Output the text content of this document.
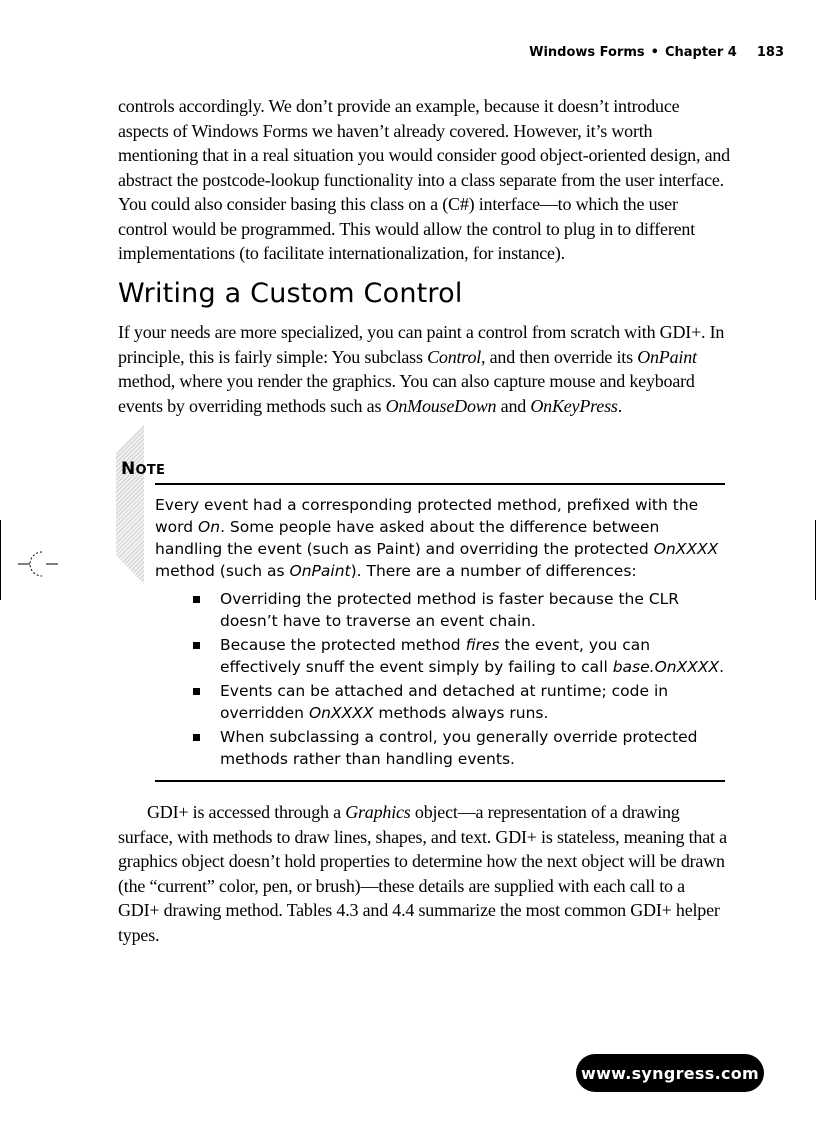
Windows Forms • Chapter 4 183

controls accordingly. We don’t provide an example, because it doesn’t introduce aspects of Windows Forms we haven’t already covered. However, it’s worth mentioning that in a real situation you would consider good object-oriented design, and abstract the postcode-lookup functionality into a class separate from the user interface. You could also consider basing this class on a (C#) interface—to which the user control would be programmed. This would allow the control to plug in to different implementations (to facilitate internationalization, for instance).

Writing a Custom Control

If your needs are more specialized, you can paint a control from scratch with GDI+. In principle, this is fairly simple: You subclass Control, and then override its OnPaint method, where you render the graphics. You can also capture mouse and keyboard events by overriding methods such as OnMouseDown and OnKeyPress.

NOTE

Every event had a corresponding protected method, prefixed with the word On. Some people have asked about the difference between handling the event (such as Paint) and overriding the protected OnXXXX method (such as OnPaint). There are a number of differences:

Overriding the protected method is faster because the CLR doesn’t have to traverse an event chain.
Because the protected method fires the event, you can effectively snuff the event simply by failing to call base.OnXXXX.
Events can be attached and detached at runtime; code in overridden OnXXXX methods always runs.
When subclassing a control, you generally override protected methods rather than handling events.

GDI+ is accessed through a Graphics object—a representation of a drawing surface, with methods to draw lines, shapes, and text. GDI+ is stateless, meaning that a graphics object doesn’t hold properties to determine how the next object will be drawn (the “current” color, pen, or brush)—these details are supplied with each call to a GDI+ drawing method. Tables 4.3 and 4.4 summarize the most common GDI+ helper types.

www.syngress.com
